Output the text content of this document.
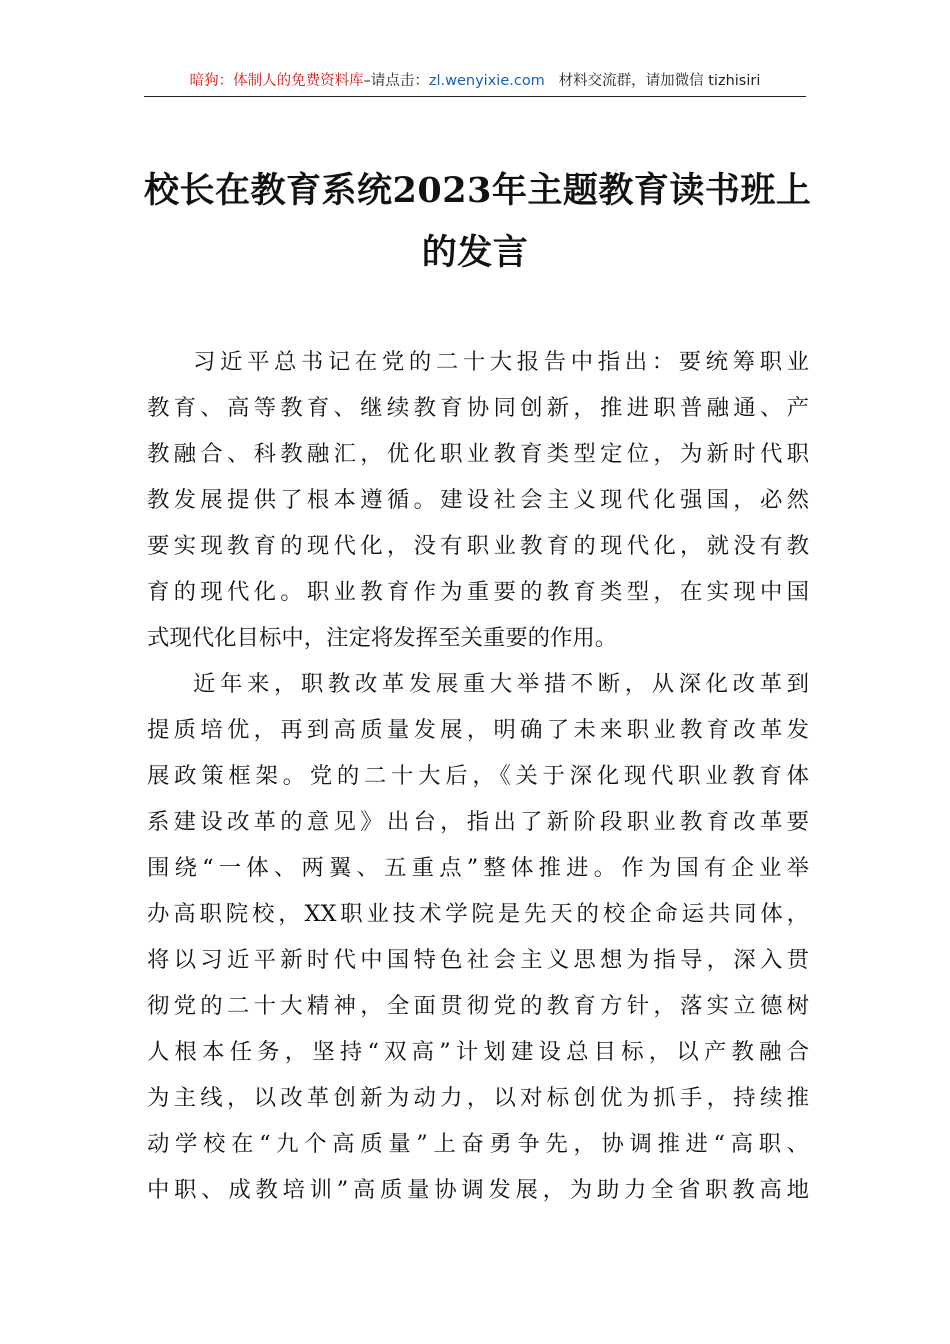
暗狗：体制人的免费资料库–请点击：zl.wenyixie.com 材料交流群，请加微信 tizhisiri
校长在教育系统2023年主题教育读书班上
的发言
习近平总书记在党的二十大报告中指出：要统筹职业
教育、高等教育、继续教育协同创新，推进职普融通、产
教融合、科教融汇，优化职业教育类型定位，为新时代职
教发展提供了根本遵循。建设社会主义现代化强国，必然
要实现教育的现代化，没有职业教育的现代化，就没有教
育的现代化。职业教育作为重要的教育类型，在实现中国
式现代化目标中，注定将发挥至关重要的作用。
近年来，职教改革发展重大举措不断，从深化改革到
提质培优，再到高质量发展，明确了未来职业教育改革发
展政策框架。党的二十大后，《关于深化现代职业教育体
系建设改革的意见》出台，指出了新阶段职业教育改革要
围绕“一体、两翼、五重点”整体推进。作为国有企业举
办高职院校，XX职业技术学院是先天的校企命运共同体，
将以习近平新时代中国特色社会主义思想为指导，深入贯
彻党的二十大精神，全面贯彻党的教育方针，落实立德树
人根本任务，坚持“双高”计划建设总目标，以产教融合
为主线，以改革创新为动力，以对标创优为抓手，持续推
动学校在“九个高质量”上奋勇争先，协调推进“高职、
中职、成教培训”高质量协调发展，为助力全省职教高地
